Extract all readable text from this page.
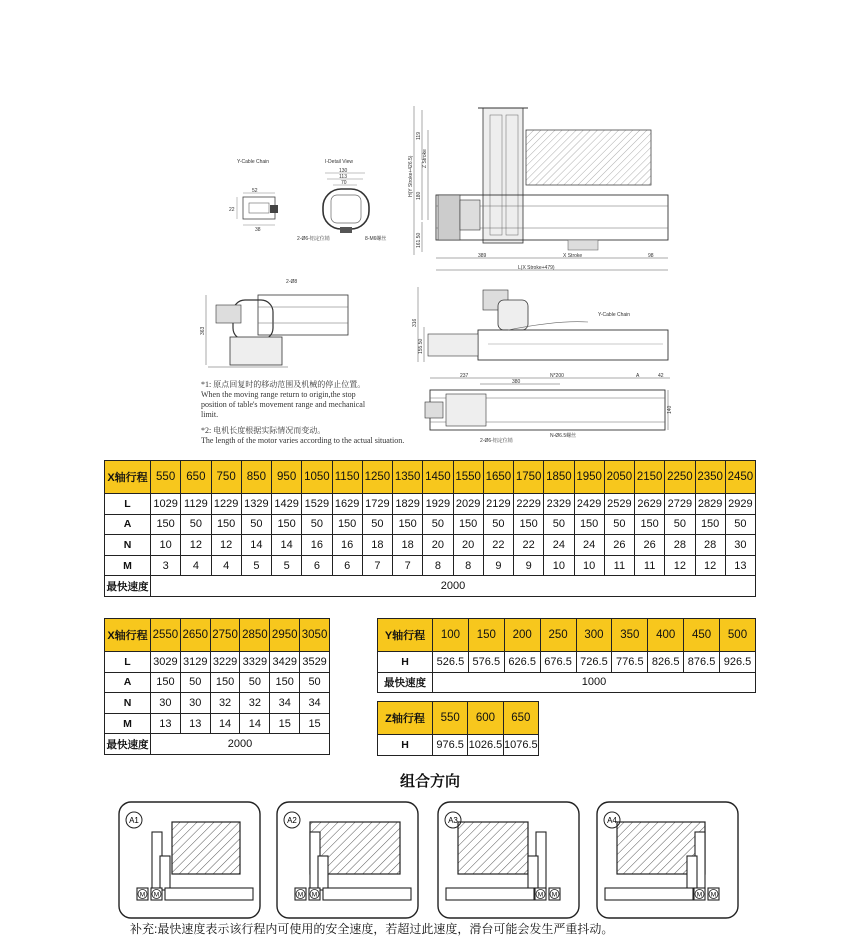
Y-Cable Chain
52
22
38
I-Detail View
130
113
70
2-Ø6-铝定位销	8-M6螺丝
H(Y Stroke+426.5)
119
180
161.50
Z Stroke
389	X Stroke	98
L(X Stroke+479)
2-Ø8
363
316
155.50
Y-Cable Chain
237	N*200	A	42
380
140
2-Ø6-铝定位销
N-Ø6.5螺丝
*1: 原点回复时的移动范围及机械的停止位置。
When the moving range return to origin,the stop
position of table's movement range and mechanical
limit.
*2: 电机长度根据实际情况而变动。
The length of the motor varies according to the actual situation.
X轴行程	550	650	750	850	950	1050	1150	1250	1350	1450	1550	1650	1750	1850	1950	2050	2150	2250	2350	2450
L	1029	1129	1229	1329	1429	1529	1629	1729	1829	1929	2029	2129	2229	2329	2429	2529	2629	2729	2829	2929
A	150	50	150	50	150	50	150	50	150	50	150	50	150	50	150	50	150	50	150	50
N	10	12	12	14	14	16	16	18	18	20	20	22	22	24	24	26	26	28	28	30
M	3	4	4	5	5	6	6	7	7	8	8	9	9	10	10	11	11	12	12	13
最快速度	2000																			
X轴行程	2550	2650	2750	2850	2950	3050
L	3029	3129	3229	3329	3429	3529
A	150	50	150	50	150	50
N	30	30	32	32	34	34
M	13	13	14	14	15	15
最快速度	2000					
Y轴行程	100	150	200	250	300	350	400	450	500
H	526.5	576.5	626.5	676.5	726.5	776.5	826.5	876.5	926.5
最快速度	1000								
Z轴行程	550	600	650
H	976.5	1026.5	1076.5
组合方向
A1
M M
A2
M M
A3
M M
A4
M M
补充:最快速度表示该行程内可使用的安全速度，若超过此速度，滑台可能会发生严重抖动。
